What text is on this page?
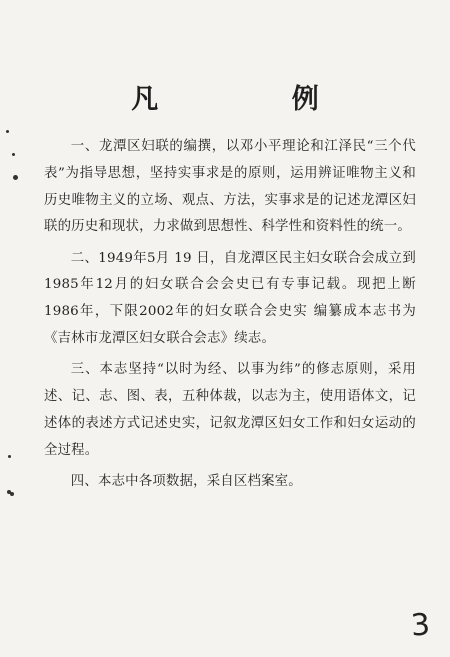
凡 例

一、龙潭区妇联的编撰，以邓小平理论和江泽民“三个代表”为指导思想，坚持实事求是的原则，运用辨证唯物主义和历史唯物主义的立场、观点、方法，实事求是的记述龙潭区妇联的历史和现状，力求做到思想性、科学性和资料性的统一。

二、1949年5月 19 日，自龙潭区民主妇女联合会成立到1985年12月的妇女联合会会史已有专事记载。现把上断1986年，下限2002年的妇女联合会史实 编纂成本志书为《吉林市龙潭区妇女联合会志》续志。

三、本志坚持“以时为经、以事为纬”的修志原则，采用述、记、志、图、表，五种体裁，以志为主，使用语体文，记述体的表述方式记述史实，记叙龙潭区妇女工作和妇女运动的全过程。

四、本志中各项数据，采自区档案室。

3
